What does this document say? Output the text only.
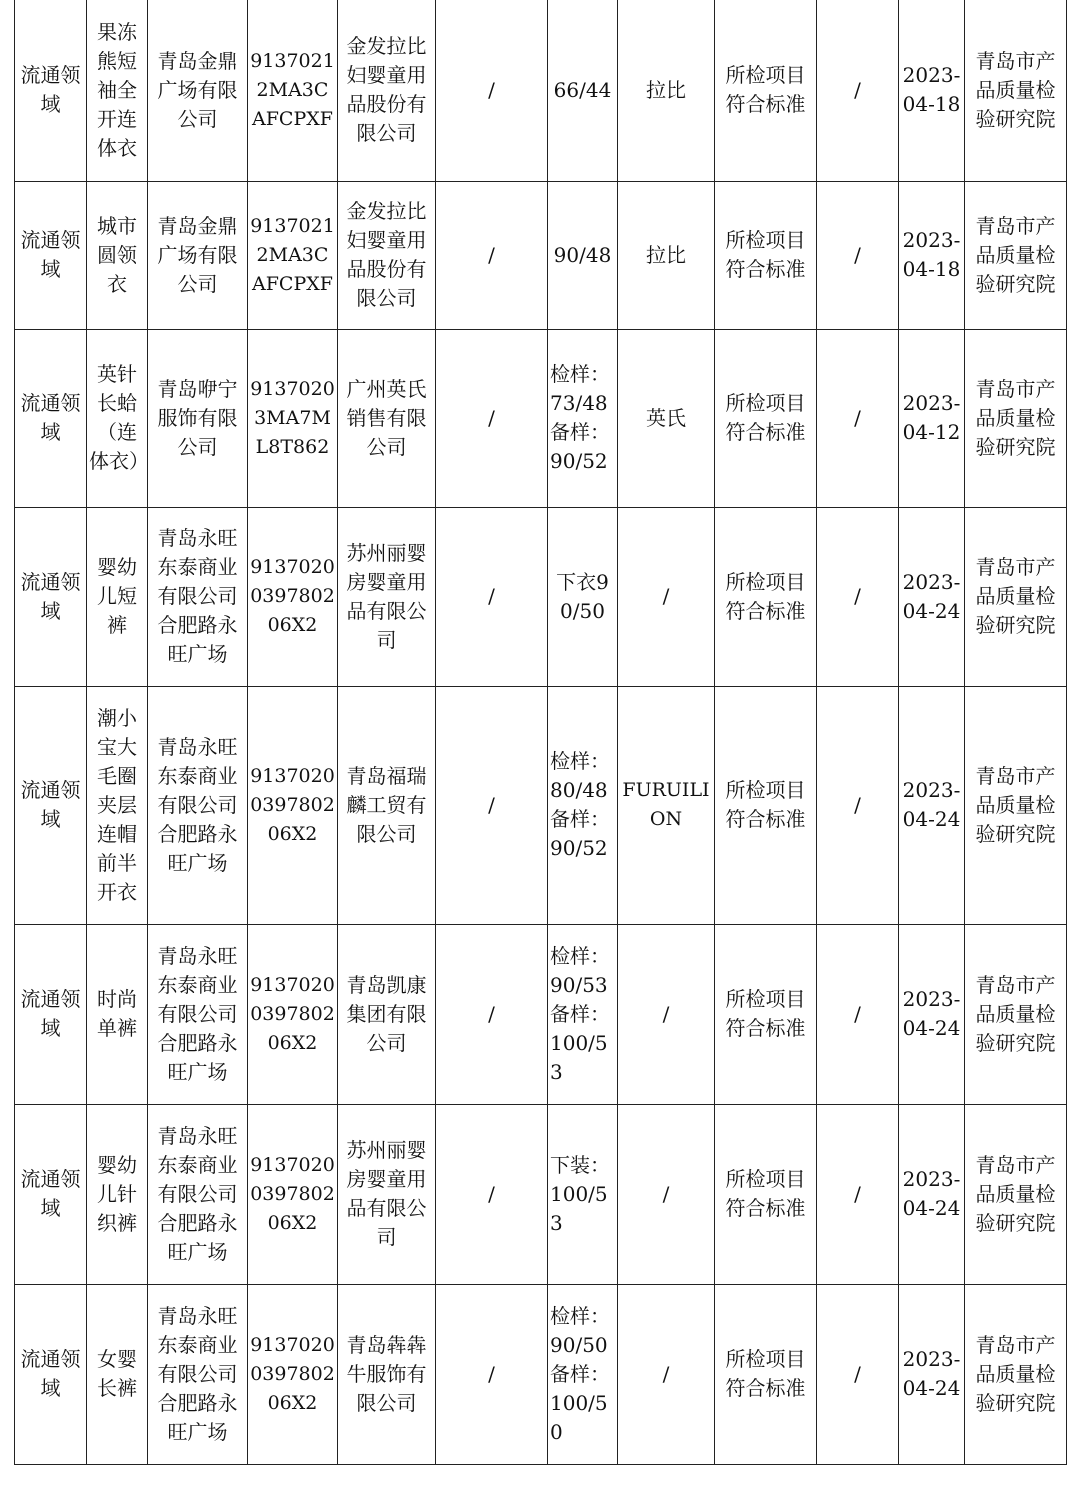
流通领域	果冻熊短袖全开连体衣	青岛金鼎广场有限公司	91370212MA3CAFCPXF	金发拉比妇婴童用品股份有限公司	/	66/44	拉比	所检项目符合标准	/	2023-04-18	青岛市产品质量检验研究院
流通领域	城市圆领衣	青岛金鼎广场有限公司	91370212MA3CAFCPXF	金发拉比妇婴童用品股份有限公司	/	90/48	拉比	所检项目符合标准	/	2023-04-18	青岛市产品质量检验研究院
流通领域	英针长蛤（连体衣）	青岛咿宁服饰有限公司	91370203MA7ML8T862	广州英氏销售有限公司	/	检样：73/48备样：90/52	英氏	所检项目符合标准	/	2023-04-12	青岛市产品质量检验研究院
流通领域	婴幼儿短裤	青岛永旺东泰商业有限公司合肥路永旺广场	91370200397802 06X2	苏州丽婴房婴童用品有限公司	/	下衣90/50	/	所检项目符合标准	/	2023-04-24	青岛市产品质量检验研究院
流通领域	潮小宝大毛圈夹层连帽前半开衣	青岛永旺东泰商业有限公司合肥路永旺广场	91370200397802 06X2	青岛福瑞麟工贸有限公司	/	检样：80/48备样：90/52	FURUILION	所检项目符合标准	/	2023-04-24	青岛市产品质量检验研究院
流通领域	时尚单裤	青岛永旺东泰商业有限公司合肥路永旺广场	91370200397802 06X2	青岛凯康集团有限公司	/	检样：90/53备样：100/53	/	所检项目符合标准	/	2023-04-24	青岛市产品质量检验研究院
流通领域	婴幼儿针织裤	青岛永旺东泰商业有限公司合肥路永旺广场	91370200397802 06X2	苏州丽婴房婴童用品有限公司	/	下装：100/53	/	所检项目符合标准	/	2023-04-24	青岛市产品质量检验研究院
流通领域	女婴长裤	青岛永旺东泰商业有限公司合肥路永旺广场	91370200397802 06X2	青岛犇犇牛服饰有限公司	/	检样：90/50备样：100/50	/	所检项目符合标准	/	2023-04-24	青岛市产品质量检验研究院
